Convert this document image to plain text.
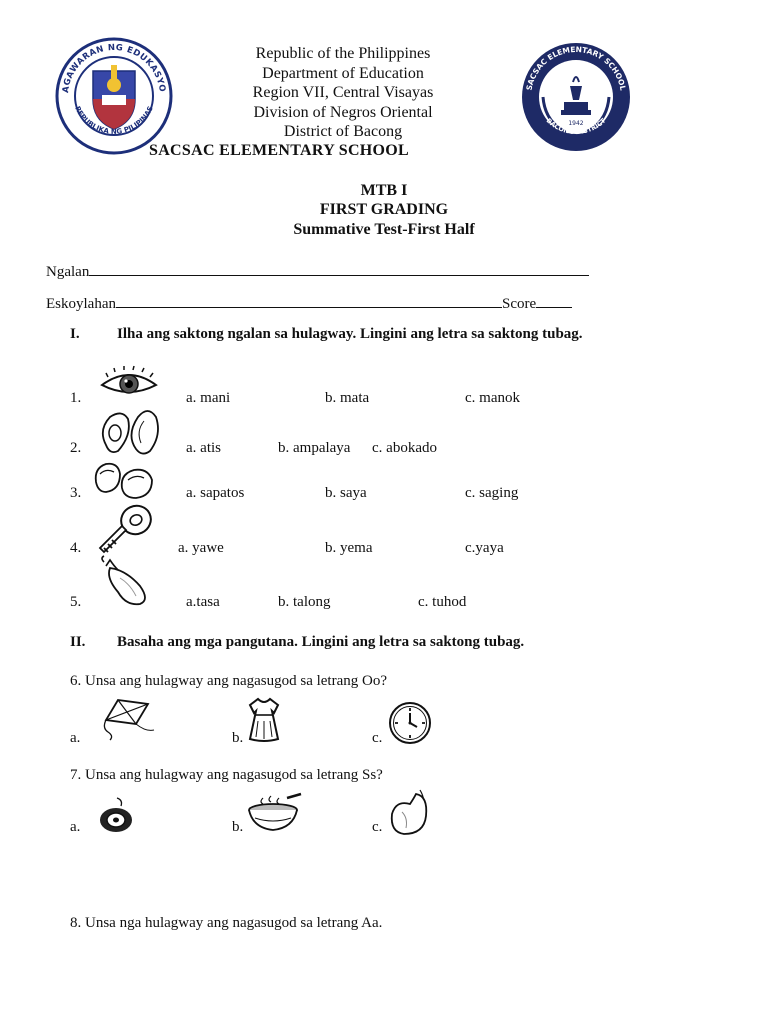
KAGAWARAN NG EDUKASYON
REPUBLIKA NG PILIPINAS
SACSAC ELEMENTARY SCHOOL
BACONG DISTRICT
1942
Republic of the Philippines
Department of Education
Region VII, Central Visayas
Division of Negros Oriental
District of Bacong
SACSAC ELEMENTARY SCHOOL
MTB I
FIRST GRADING
Summative Test-First Half
Ngalan
Eskoylahan	Score
I. Ilha ang saktong ngalan sa hulagway. Lingini ang letra sa saktong tubag.
1.	a. mani	b. mata	c. manok
2.	a. atis	b. ampalaya c. abokado
3.	a. sapatos	b. saya	c. saging
4.	a. yawe	b. yema	c.yaya
5.	a.tasa	b. talong	c. tuhod
II. Basaha ang mga pangutana. Lingini ang letra sa saktong tubag.
6. Unsa ang hulagway ang nagasugod sa letrang Oo?
a.	b.	c.
7. Unsa ang hulagway ang nagasugod sa letrang Ss?
a.	b.	c.
8. Unsa nga hulagway ang nagasugod sa letrang Aa.
